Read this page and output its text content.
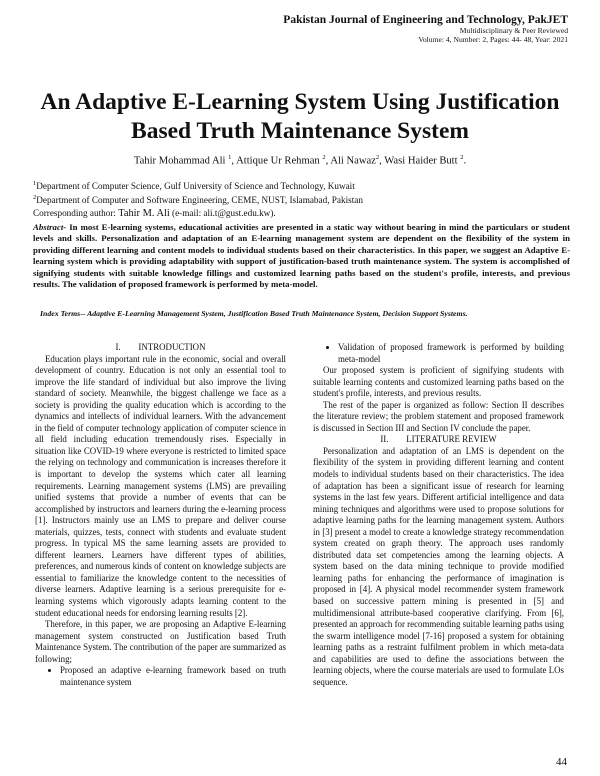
Pakistan Journal of Engineering and Technology, PakJET
Multidisciplinary & Peer Reviewed
Volume: 4, Number: 2, Pages: 44- 48, Year: 2021
An Adaptive E-Learning System Using Justification Based Truth Maintenance System
Tahir Mohammad Ali $^1$, Attique Ur Rehman $^2$, Ali Nawaz$^2$, Wasi Haider Butt $^2$.
$^1$Department of Computer Science, Gulf University of Science and Technology, Kuwait
$^2$Department of Computer and Software Engineering, CEME, NUST, Islamabad, Pakistan
Corresponding author: Tahir M. Ali (e-mail: ali.t@gust.edu.kw).
Abstract- In most E-learning systems, educational activities are presented in a static way without bearing in mind the particulars or student levels and skills. Personalization and adaptation of an E-learning management system are dependent on the flexibility of the system in providing different learning and content models to individual students based on their characteristics. In this paper, we suggest an Adaptive E-learning system which is providing adaptability with support of justification-based truth maintenance system. The system is accomplished of signifying students with suitable knowledge fillings and customized learning paths based on the student's profile, interests, and previous results. The validation of proposed framework is performed by meta-model.
Index Terms-- Adaptive E-Learning Management System, Justification Based Truth Maintenance System, Decision Support Systems.
I.        INTRODUCTION

Education plays important rule in the economic, social and overall development of country. Education is not only an essential tool to improve the life standard of individual but also improve the living standard of society. Meanwhile, the biggest challenge we face as a society is providing the quality education which is according to the dynamics and intellects of individual learners. With the advancement in the field of computer technology application of computer science in all field including education tremendously rises. Especially in situation like COVID-19 where everyone is restricted to limited space the relying on technology and communication is increases therefore it is important to develop the systems which cater all learning requirements. Learning management systems (LMS) are prevailing unified systems that provide a number of events that can be accomplished by instructors and learners during the e-learning process [1]. Instructors mainly use an LMS to prepare and deliver course materials, quizzes, tests, connect with students and evaluate student progress. In typical MS the same learning assets are provided to different learners. Learners have different types of abilities, preferences, and numerous kinds of content on knowledge subjects are essential to familiarize the knowledge content to the necessities of diverse learners. Adaptive learning is a serious prerequisite for e-learning systems which vigorously adapts learning content to the student educational needs for endorsing learning results [2].

Therefore, in this paper, we are proposing an Adaptive E-learning management system constructed on Justification based Truth Maintenance System. The contribution of the paper are summarized as following;

• Proposed an adaptive e-learning framework based on truth maintenance system
• Validation of proposed framework is performed by building meta-model

Our proposed system is proficient of signifying students with suitable learning contents and customized learning paths based on the student's profile, interests, and previous results.

The rest of the paper is organized as follow: Section II describes the literature review; the problem statement and proposed framework is discussed in Section III and Section IV conclude the paper.

II.        LITERATURE REVIEW

Personalization and adaptation of an LMS is dependent on the flexibility of the system in providing different learning and content models to individual students based on their characteristics. The idea of adaptation has been a significant issue of research for learning systems in the last few years. Different artificial intelligence and data mining techniques and algorithms were used to propose solutions for adaptive learning paths for the learning management system. Authors in [3] present a model to create a knowledge strategy recommendation system created on graph theory. The approach uses randomly distributed data set competencies among the learning objects. A system based on the data mining technique to provide modified learning paths for enhancing the performance of imagination is proposed in [4]. A physical model recommender system framework based on successive pattern mining is presented in [5] and multidimensional attribute-based cooperative clarifying. From [6], presented an approach for recommending suitable learning paths using the swarm intelligence model [7-16] proposed a system for obtaining learning paths as a restraint fulfilment problem in which meta-data and capabilities are used to define the associations between the learning objects, where the course materials are used to formulate LOs sequence.

44
